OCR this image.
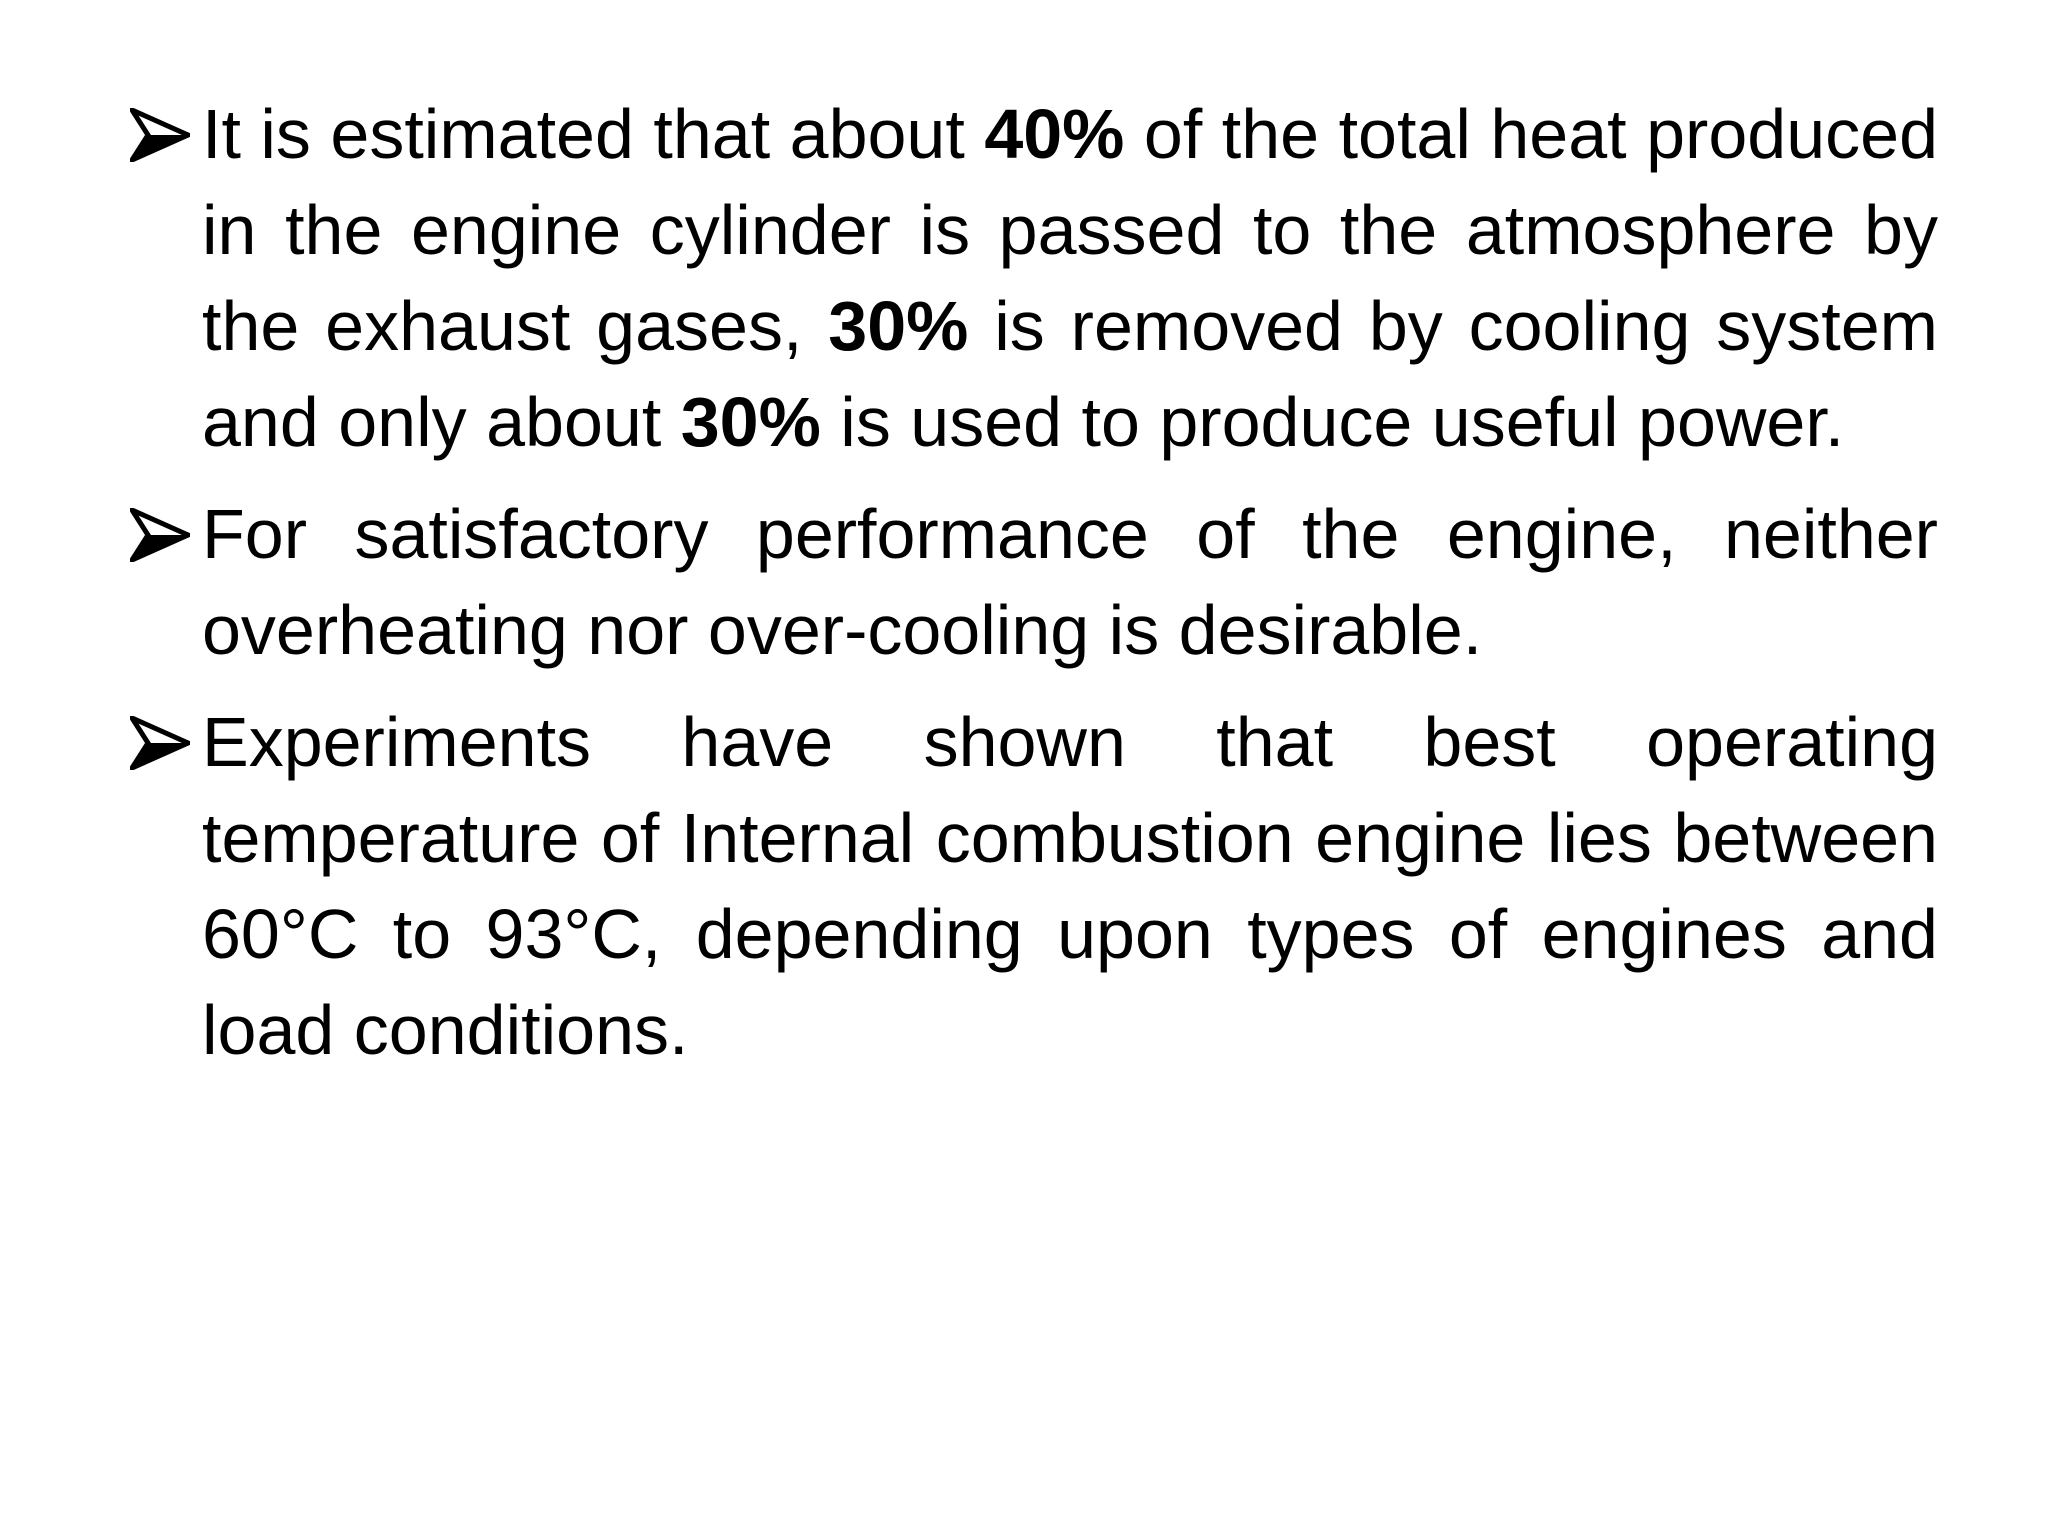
It is estimated that about 40% of the total heat produced in the engine cylinder is passed to the atmosphere by the exhaust gases, 30% is removed by cooling system and only about 30% is used to produce useful power.
For satisfactory performance of the engine, neither overheating nor over-cooling is desirable.
Experiments have shown that best operating temperature of Internal combustion engine lies between 60°C to 93°C, depending upon types of engines and load conditions.
